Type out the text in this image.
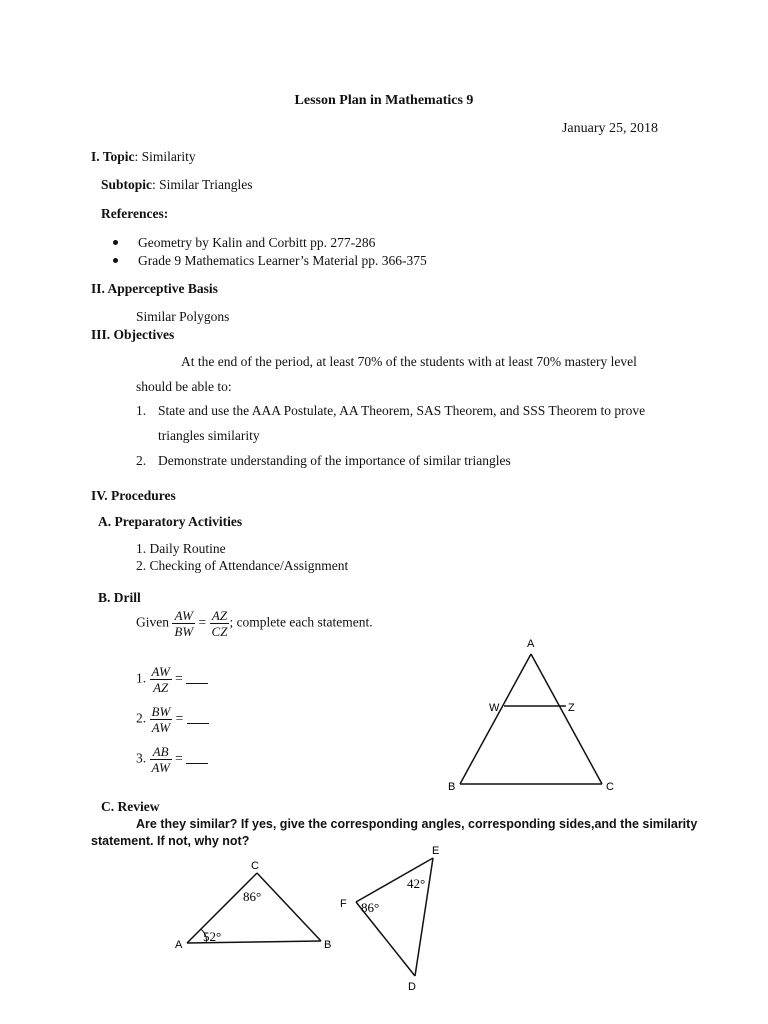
Lesson Plan in Mathematics 9
January 25, 2018
I. Topic: Similarity
Subtopic: Similar Triangles
References:
Geometry by Kalin and Corbitt pp. 277-286
Grade 9 Mathematics Learner’s Material pp. 366-375
II. Apperceptive Basis
Similar Polygons
III. Objectives
At the end of the period, at least 70% of the students with at least 70% mastery level
should be able to:
1. State and use the AAA Postulate, AA Theorem, SAS Theorem, and SSS Theorem to prove
triangles similarity
2. Demonstrate understanding of the importance of similar triangles
IV. Procedures
A. Preparatory Activities
1. Daily Routine
2. Checking of Attendance/Assignment
B. Drill
Given $\frac{AW}{BW} = \frac{AZ}{CZ}$ ; complete each statement.
1. $\frac{AW}{AZ}$ =
2. $\frac{BW}{AW}$ =
3. $\frac{AB}{AW}$ =
A
W	Z
B	C
C. Review
Are they similar? If yes, give the corresponding angles, corresponding sides,and the similarity
statement. If not, why not?
C
A	B
86°
52°
E
F
D
86°
42°
